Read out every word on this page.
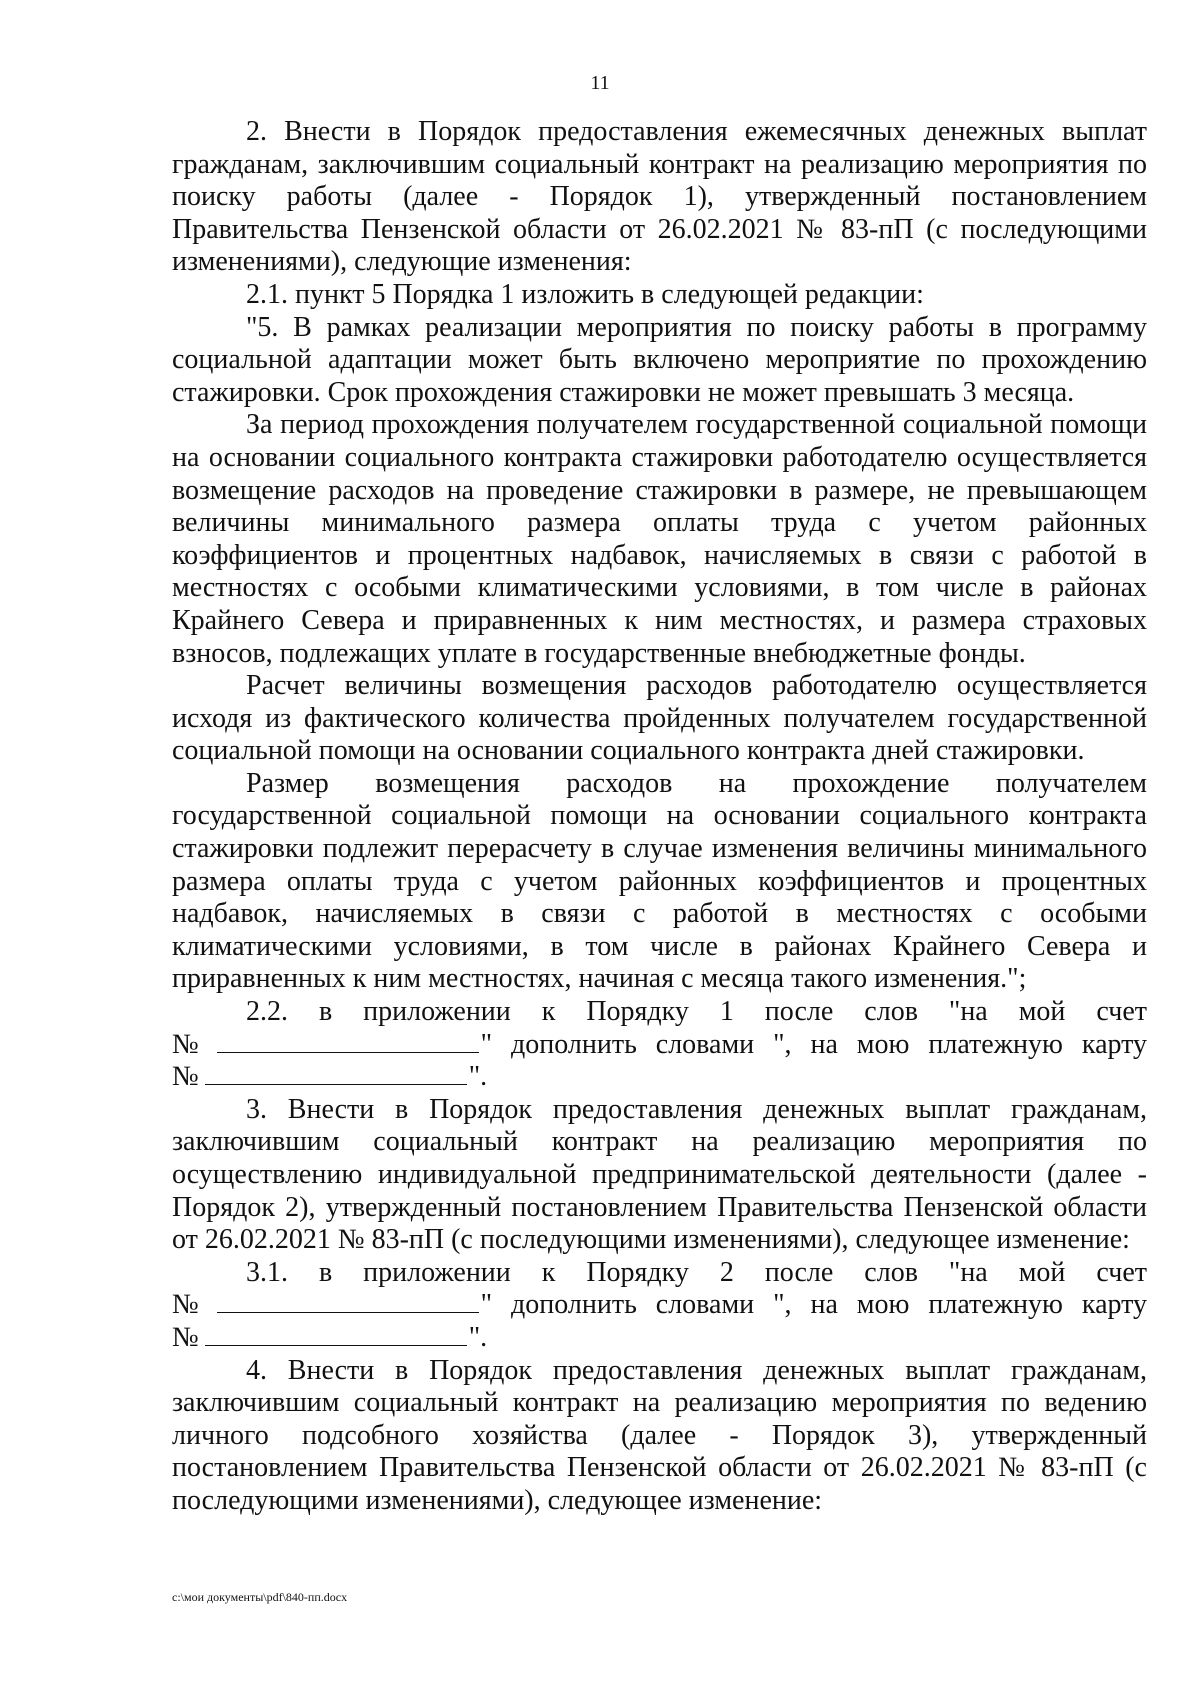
11

2. Внести в Порядок предоставления ежемесячных денежных выплат гражданам, заключившим социальный контракт на реализацию мероприятия по поиску работы (далее - Порядок 1), утвержденный постановлением Правительства Пензенской области от 26.02.2021 № 83-пП (с последующими изменениями), следующие изменения:

2.1. пункт 5 Порядка 1 изложить в следующей редакции:

"5. В рамках реализации мероприятия по поиску работы в программу социальной адаптации может быть включено мероприятие по прохождению стажировки. Срок прохождения стажировки не может превышать 3 месяца.

За период прохождения получателем государственной социальной помощи на основании социального контракта стажировки работодателю осуществляется возмещение расходов на проведение стажировки в размере, не превышающем величины минимального размера оплаты труда с учетом районных коэффициентов и процентных надбавок, начисляемых в связи с работой в местностях с особыми климатическими условиями, в том числе в районах Крайнего Севера и приравненных к ним местностях, и размера страховых взносов, подлежащих уплате в государственные внебюджетные фонды.

Расчет величины возмещения расходов работодателю осуществляется исходя из фактического количества пройденных получателем государственной социальной помощи на основании социального контракта дней стажировки.

Размер возмещения расходов на прохождение получателем государственной социальной помощи на основании социального контракта стажировки подлежит перерасчету в случае изменения величины минимального размера оплаты труда с учетом районных коэффициентов и процентных надбавок, начисляемых в связи с работой в местностях с особыми климатическими условиями, в том числе в районах Крайнего Севера и приравненных к ним местностях, начиная с месяца такого изменения.";

2.2. в приложении к Порядку 1 после слов "на мой счет

№	" дополнить словами ", на мою платежную карту

№	".

3. Внести в Порядок предоставления денежных выплат гражданам, заключившим социальный контракт на реализацию мероприятия по осуществлению индивидуальной предпринимательской деятельности (далее - Порядок 2), утвержденный постановлением Правительства Пензенской области от 26.02.2021 № 83-пП (с последующими изменениями), следующее изменение:

3.1. в приложении к Порядку 2 после слов "на мой счет

№	" дополнить словами ", на мою платежную карту

№	".

4. Внести в Порядок предоставления денежных выплат гражданам, заключившим социальный контракт на реализацию мероприятия по ведению личного подсобного хозяйства (далее - Порядок 3), утвержденный постановлением Правительства Пензенской области от 26.02.2021 № 83-пП (с последующими изменениями), следующее изменение:

c:\мои документы\pdf\840-пп.docx
